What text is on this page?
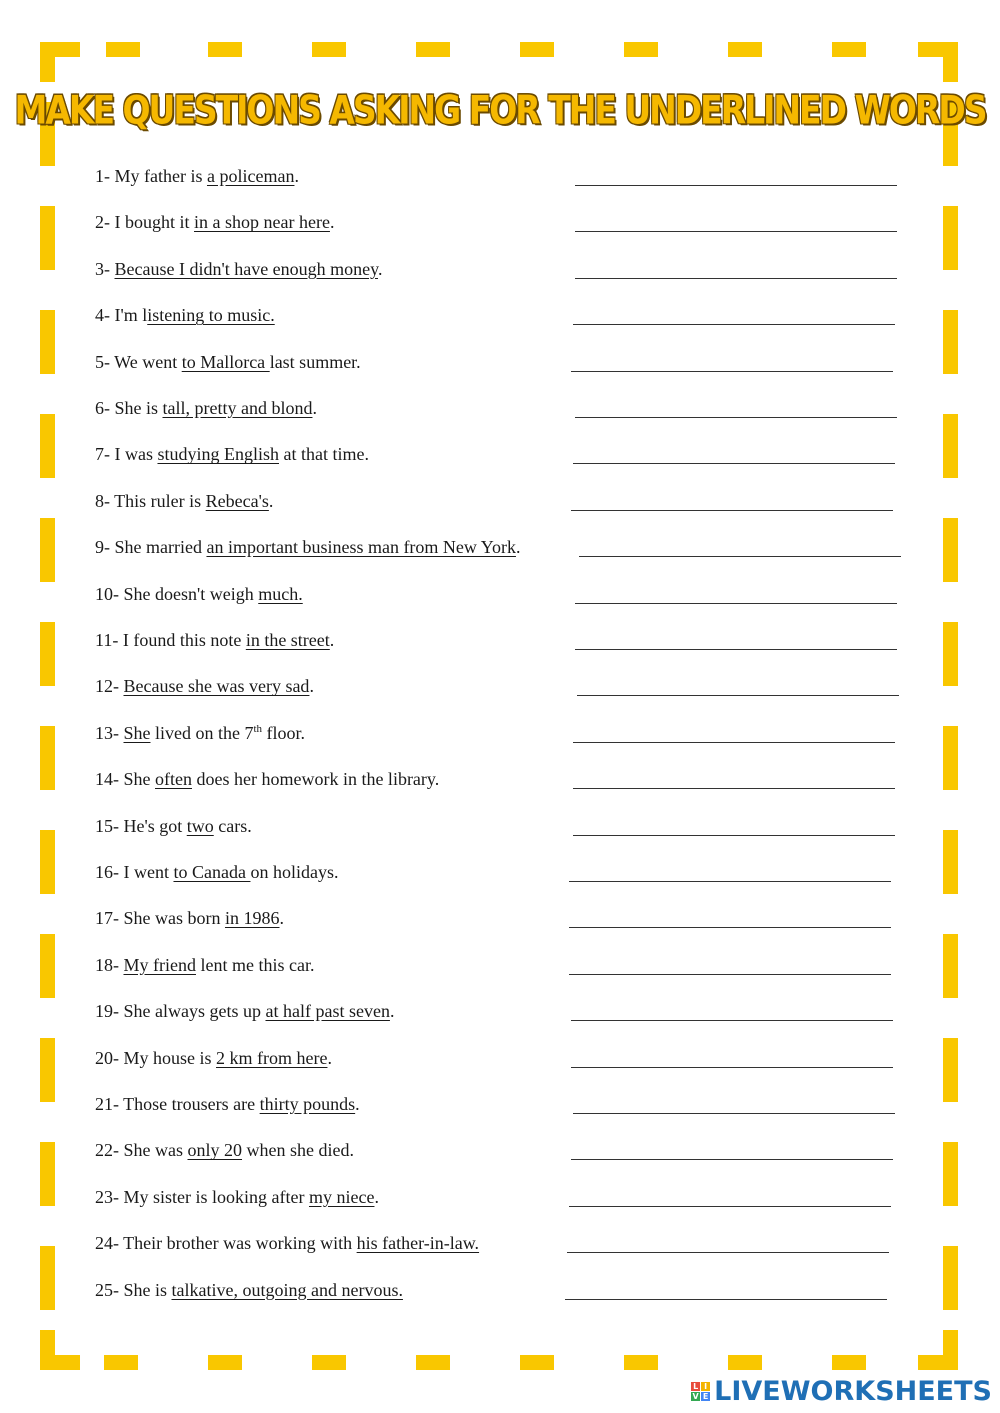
MAKE QUESTIONS ASKING FOR THE UNDERLINED WORDS
1- My father is a policeman.
2- I bought it in a shop near here.
3- Because I didn't have enough money.
4- I'm listening to music.
5- We went to Mallorca last summer.
6- She is tall, pretty and blond.
7- I was studying English at that time.
8- This ruler is Rebeca's.
9- She married an important business man from New York.
10- She doesn't weigh much.
11- I found this note in the street.
12- Because she was very sad.
13- She lived on the 7th floor.
14- She often does her homework in the library.
15- He's got two cars.
16- I went to Canada on holidays.
17- She was born in 1986.
18- My friend lent me this car.
19- She always gets up at half past seven.
20- My house is 2 km from here.
21- Those trousers are thirty pounds.
22- She was only 20 when she died.
23- My sister is looking after my niece.
24- Their brother was working with his father-in-law.
25- She is talkative, outgoing and nervous.
L I
V E LIVEWORKSHEETS
